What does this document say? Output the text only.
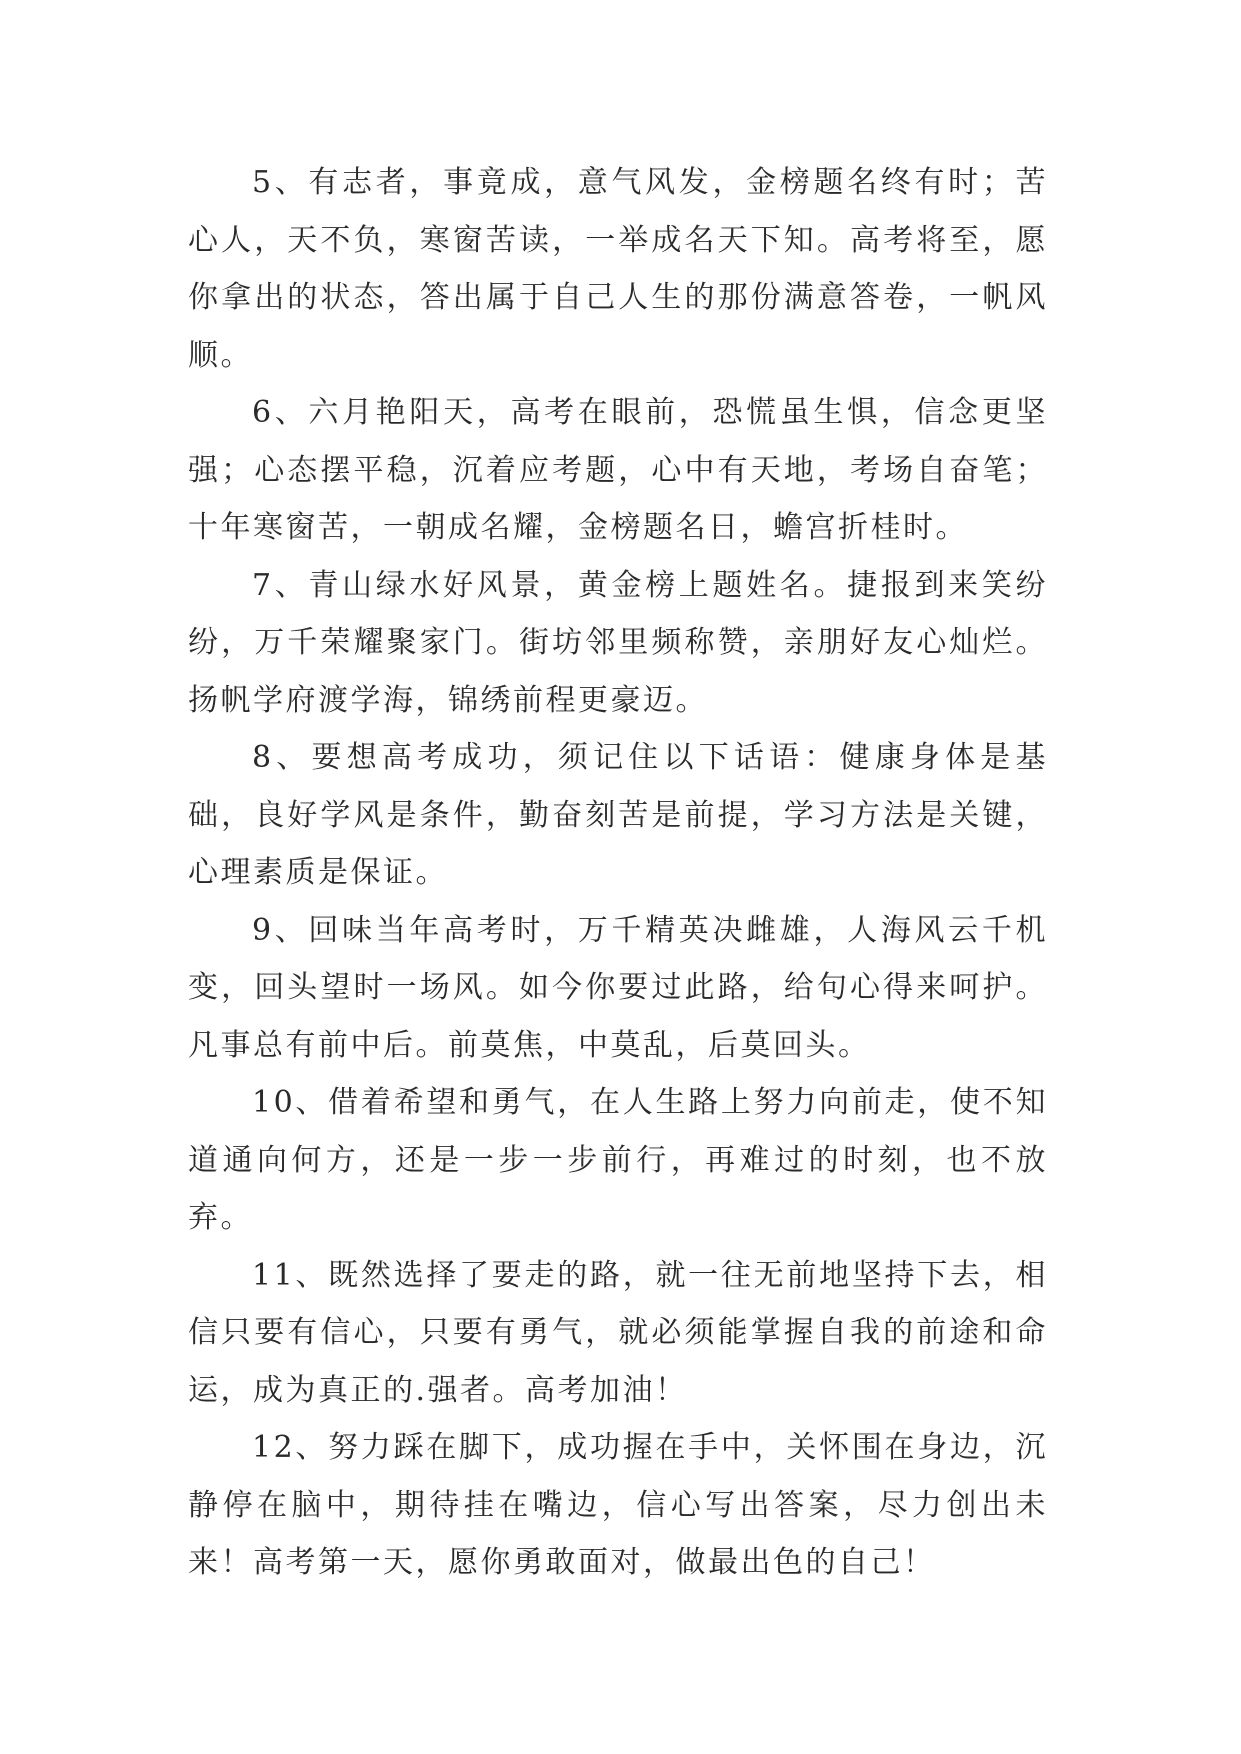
5、有志者，事竟成，意气风发，金榜题名终有时；苦心人，天不负，寒窗苦读，一举成名天下知。高考将至，愿你拿出的状态，答出属于自己人生的那份满意答卷，一帆风顺。

6、六月艳阳天，高考在眼前，恐慌虽生惧，信念更坚强；心态摆平稳，沉着应考题，心中有天地，考场自奋笔；十年寒窗苦，一朝成名耀，金榜题名日，蟾宫折桂时。

7、青山绿水好风景，黄金榜上题姓名。捷报到来笑纷纷，万千荣耀聚家门。街坊邻里频称赞，亲朋好友心灿烂。扬帆学府渡学海，锦绣前程更豪迈。

8、要想高考成功，须记住以下话语：健康身体是基础，良好学风是条件，勤奋刻苦是前提，学习方法是关键，心理素质是保证。

9、回味当年高考时，万千精英决雌雄，人海风云千机变，回头望时一场风。如今你要过此路，给句心得来呵护。凡事总有前中后。前莫焦，中莫乱，后莫回头。

10、借着希望和勇气，在人生路上努力向前走，使不知道通向何方，还是一步一步前行，再难过的时刻，也不放弃。

11、既然选择了要走的路，就一往无前地坚持下去，相信只要有信心，只要有勇气，就必须能掌握自我的前途和命运，成为真正的.强者。高考加油！

12、努力踩在脚下，成功握在手中，关怀围在身边，沉静停在脑中，期待挂在嘴边，信心写出答案，尽力创出未来！高考第一天，愿你勇敢面对，做最出色的自己！
